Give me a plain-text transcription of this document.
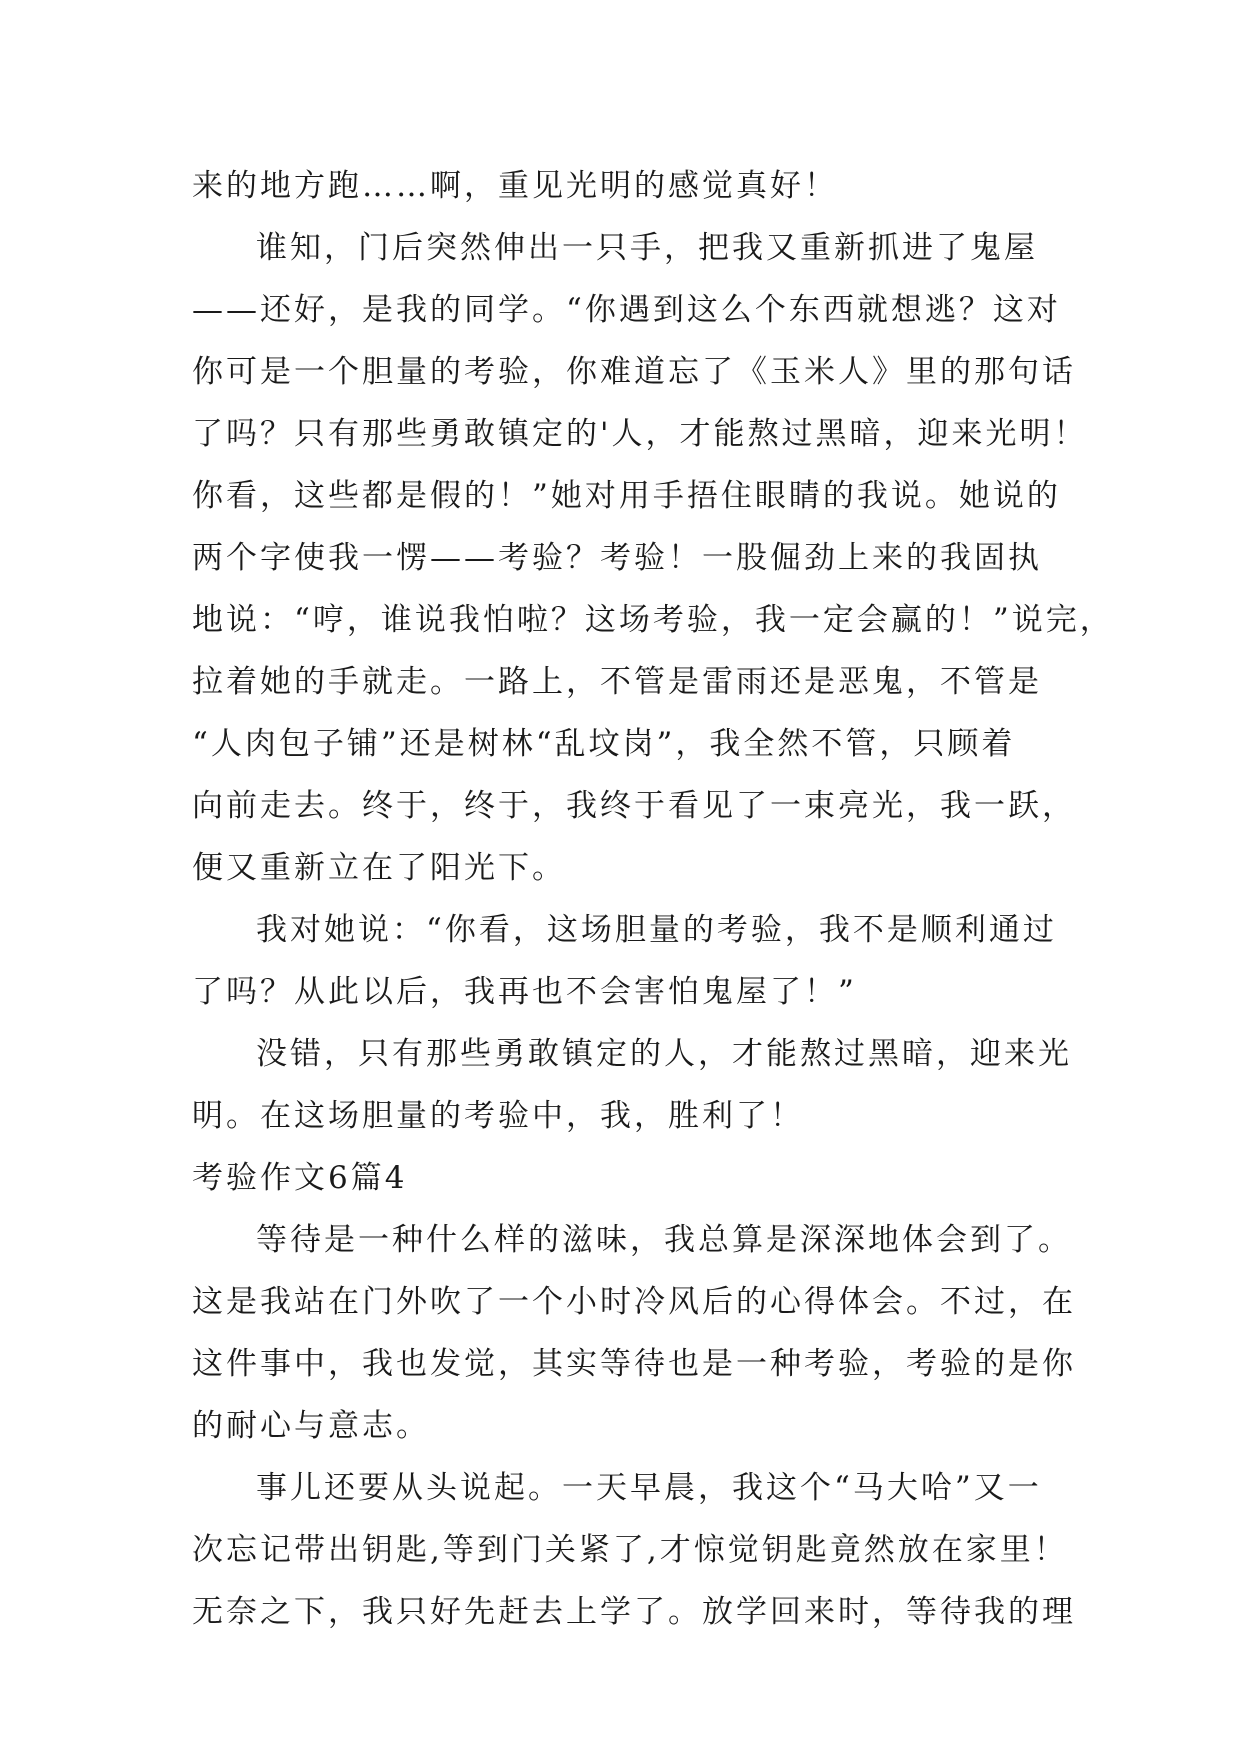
来的地方跑……啊，重见光明的感觉真好！
谁知，门后突然伸出一只手，把我又重新抓进了鬼屋
——还好，是我的同学。“你遇到这么个东西就想逃？这对
你可是一个胆量的考验，你难道忘了《玉米人》里的那句话
了吗？只有那些勇敢镇定的'人，才能熬过黑暗，迎来光明！
你看，这些都是假的！”她对用手捂住眼睛的我说。她说的
两个字使我一愣——考验？考验！一股倔劲上来的我固执
地说：“哼，谁说我怕啦？这场考验，我一定会赢的！”说完，
拉着她的手就走。一路上，不管是雷雨还是恶鬼，不管是
“人肉包子铺”还是树林“乱坟岗”，我全然不管，只顾着
向前走去。终于，终于，我终于看见了一束亮光，我一跃，
便又重新立在了阳光下。
我对她说：“你看，这场胆量的考验，我不是顺利通过
了吗？从此以后，我再也不会害怕鬼屋了！”
没错，只有那些勇敢镇定的人，才能熬过黑暗，迎来光
明。在这场胆量的考验中，我，胜利了！
考验作文6篇4
等待是一种什么样的滋味，我总算是深深地体会到了。
这是我站在门外吹了一个小时冷风后的心得体会。不过，在
这件事中，我也发觉，其实等待也是一种考验，考验的是你
的耐心与意志。
事儿还要从头说起。一天早晨，我这个“马大哈”又一
次忘记带出钥匙,等到门关紧了,才惊觉钥匙竟然放在家里！
无奈之下，我只好先赶去上学了。放学回来时，等待我的理
